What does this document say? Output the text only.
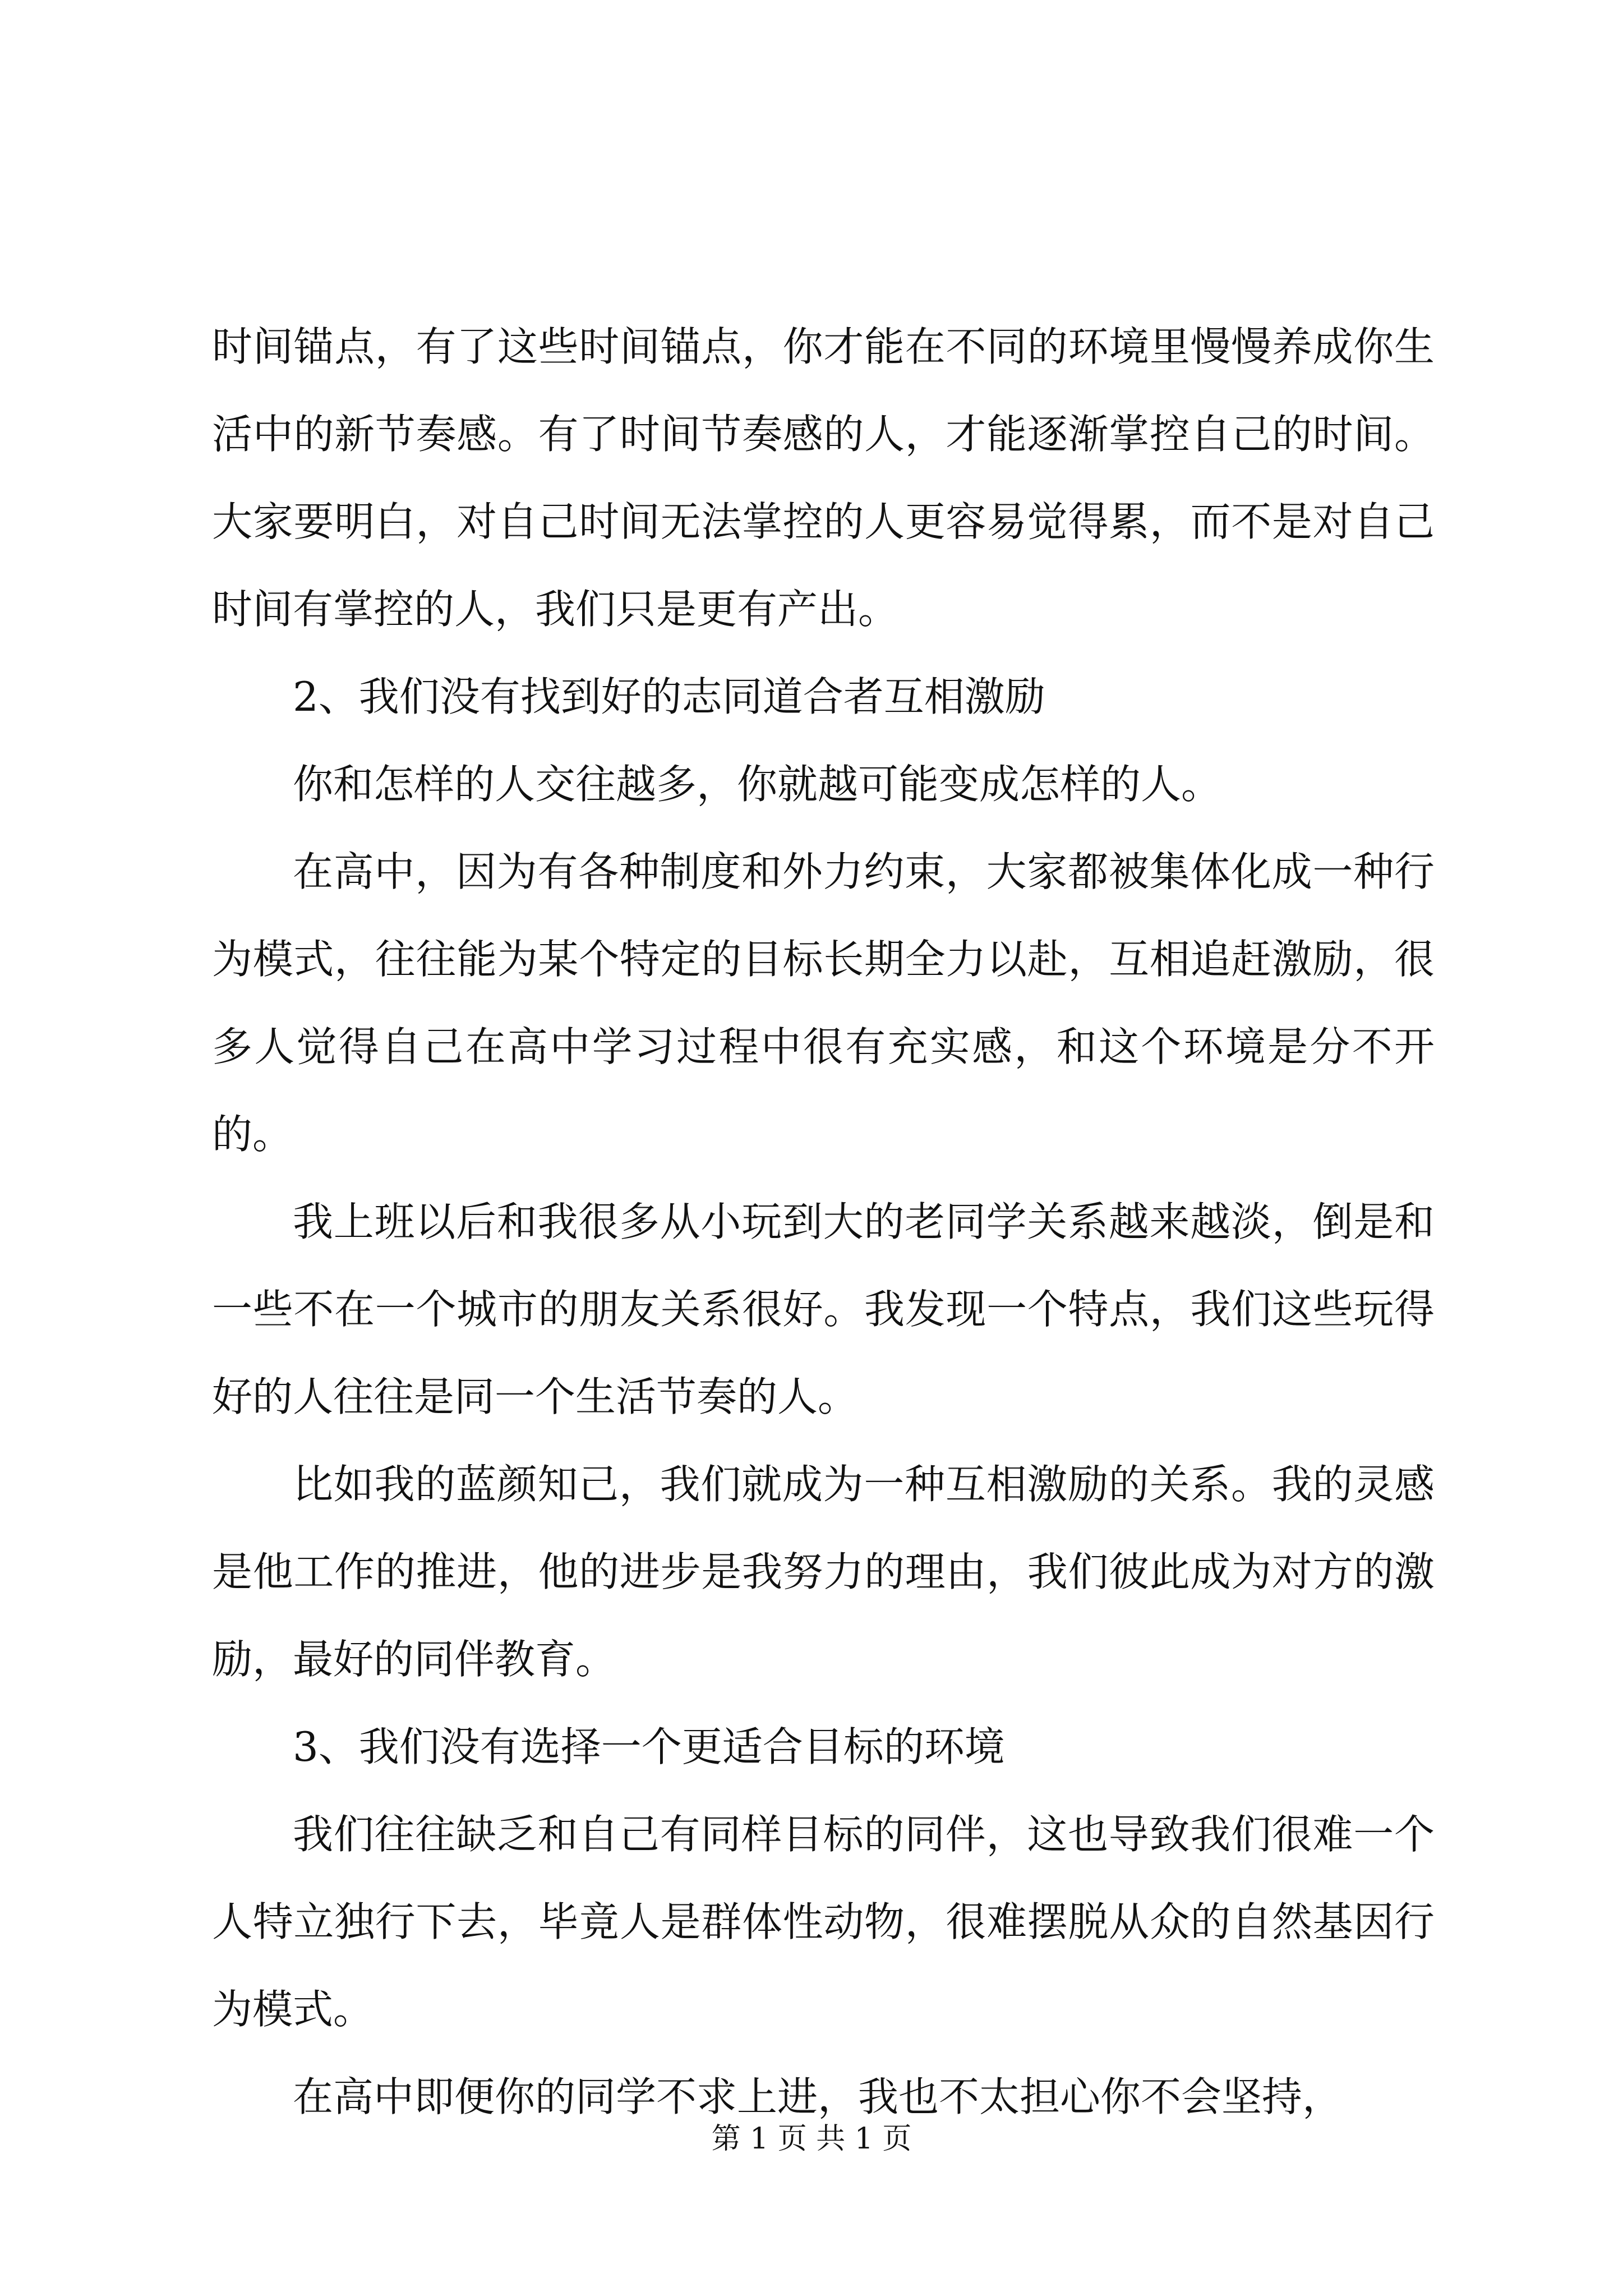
时间锚点，有了这些时间锚点，你才能在不同的环境里慢慢养成你生活中的新节奏感。有了时间节奏感的人，才能逐渐掌控自己的时间。大家要明白，对自己时间无法掌控的人更容易觉得累，而不是对自己时间有掌控的人，我们只是更有产出。

2、我们没有找到好的志同道合者互相激励

你和怎样的人交往越多，你就越可能变成怎样的人。

在高中，因为有各种制度和外力约束，大家都被集体化成一种行为模式，往往能为某个特定的目标长期全力以赴，互相追赶激励，很多人觉得自己在高中学习过程中很有充实感，和这个环境是分不开的。

我上班以后和我很多从小玩到大的老同学关系越来越淡，倒是和一些不在一个城市的朋友关系很好。我发现一个特点，我们这些玩得好的人往往是同一个生活节奏的人。

比如我的蓝颜知己，我们就成为一种互相激励的关系。我的灵感是他工作的推进，他的进步是我努力的理由，我们彼此成为对方的激励，最好的同伴教育。

3、我们没有选择一个更适合目标的环境

我们往往缺乏和自己有同样目标的同伴，这也导致我们很难一个人特立独行下去，毕竟人是群体性动物，很难摆脱从众的自然基因行为模式。

在高中即便你的同学不求上进，我也不太担心你不会坚持，

第 1 页 共 1 页
